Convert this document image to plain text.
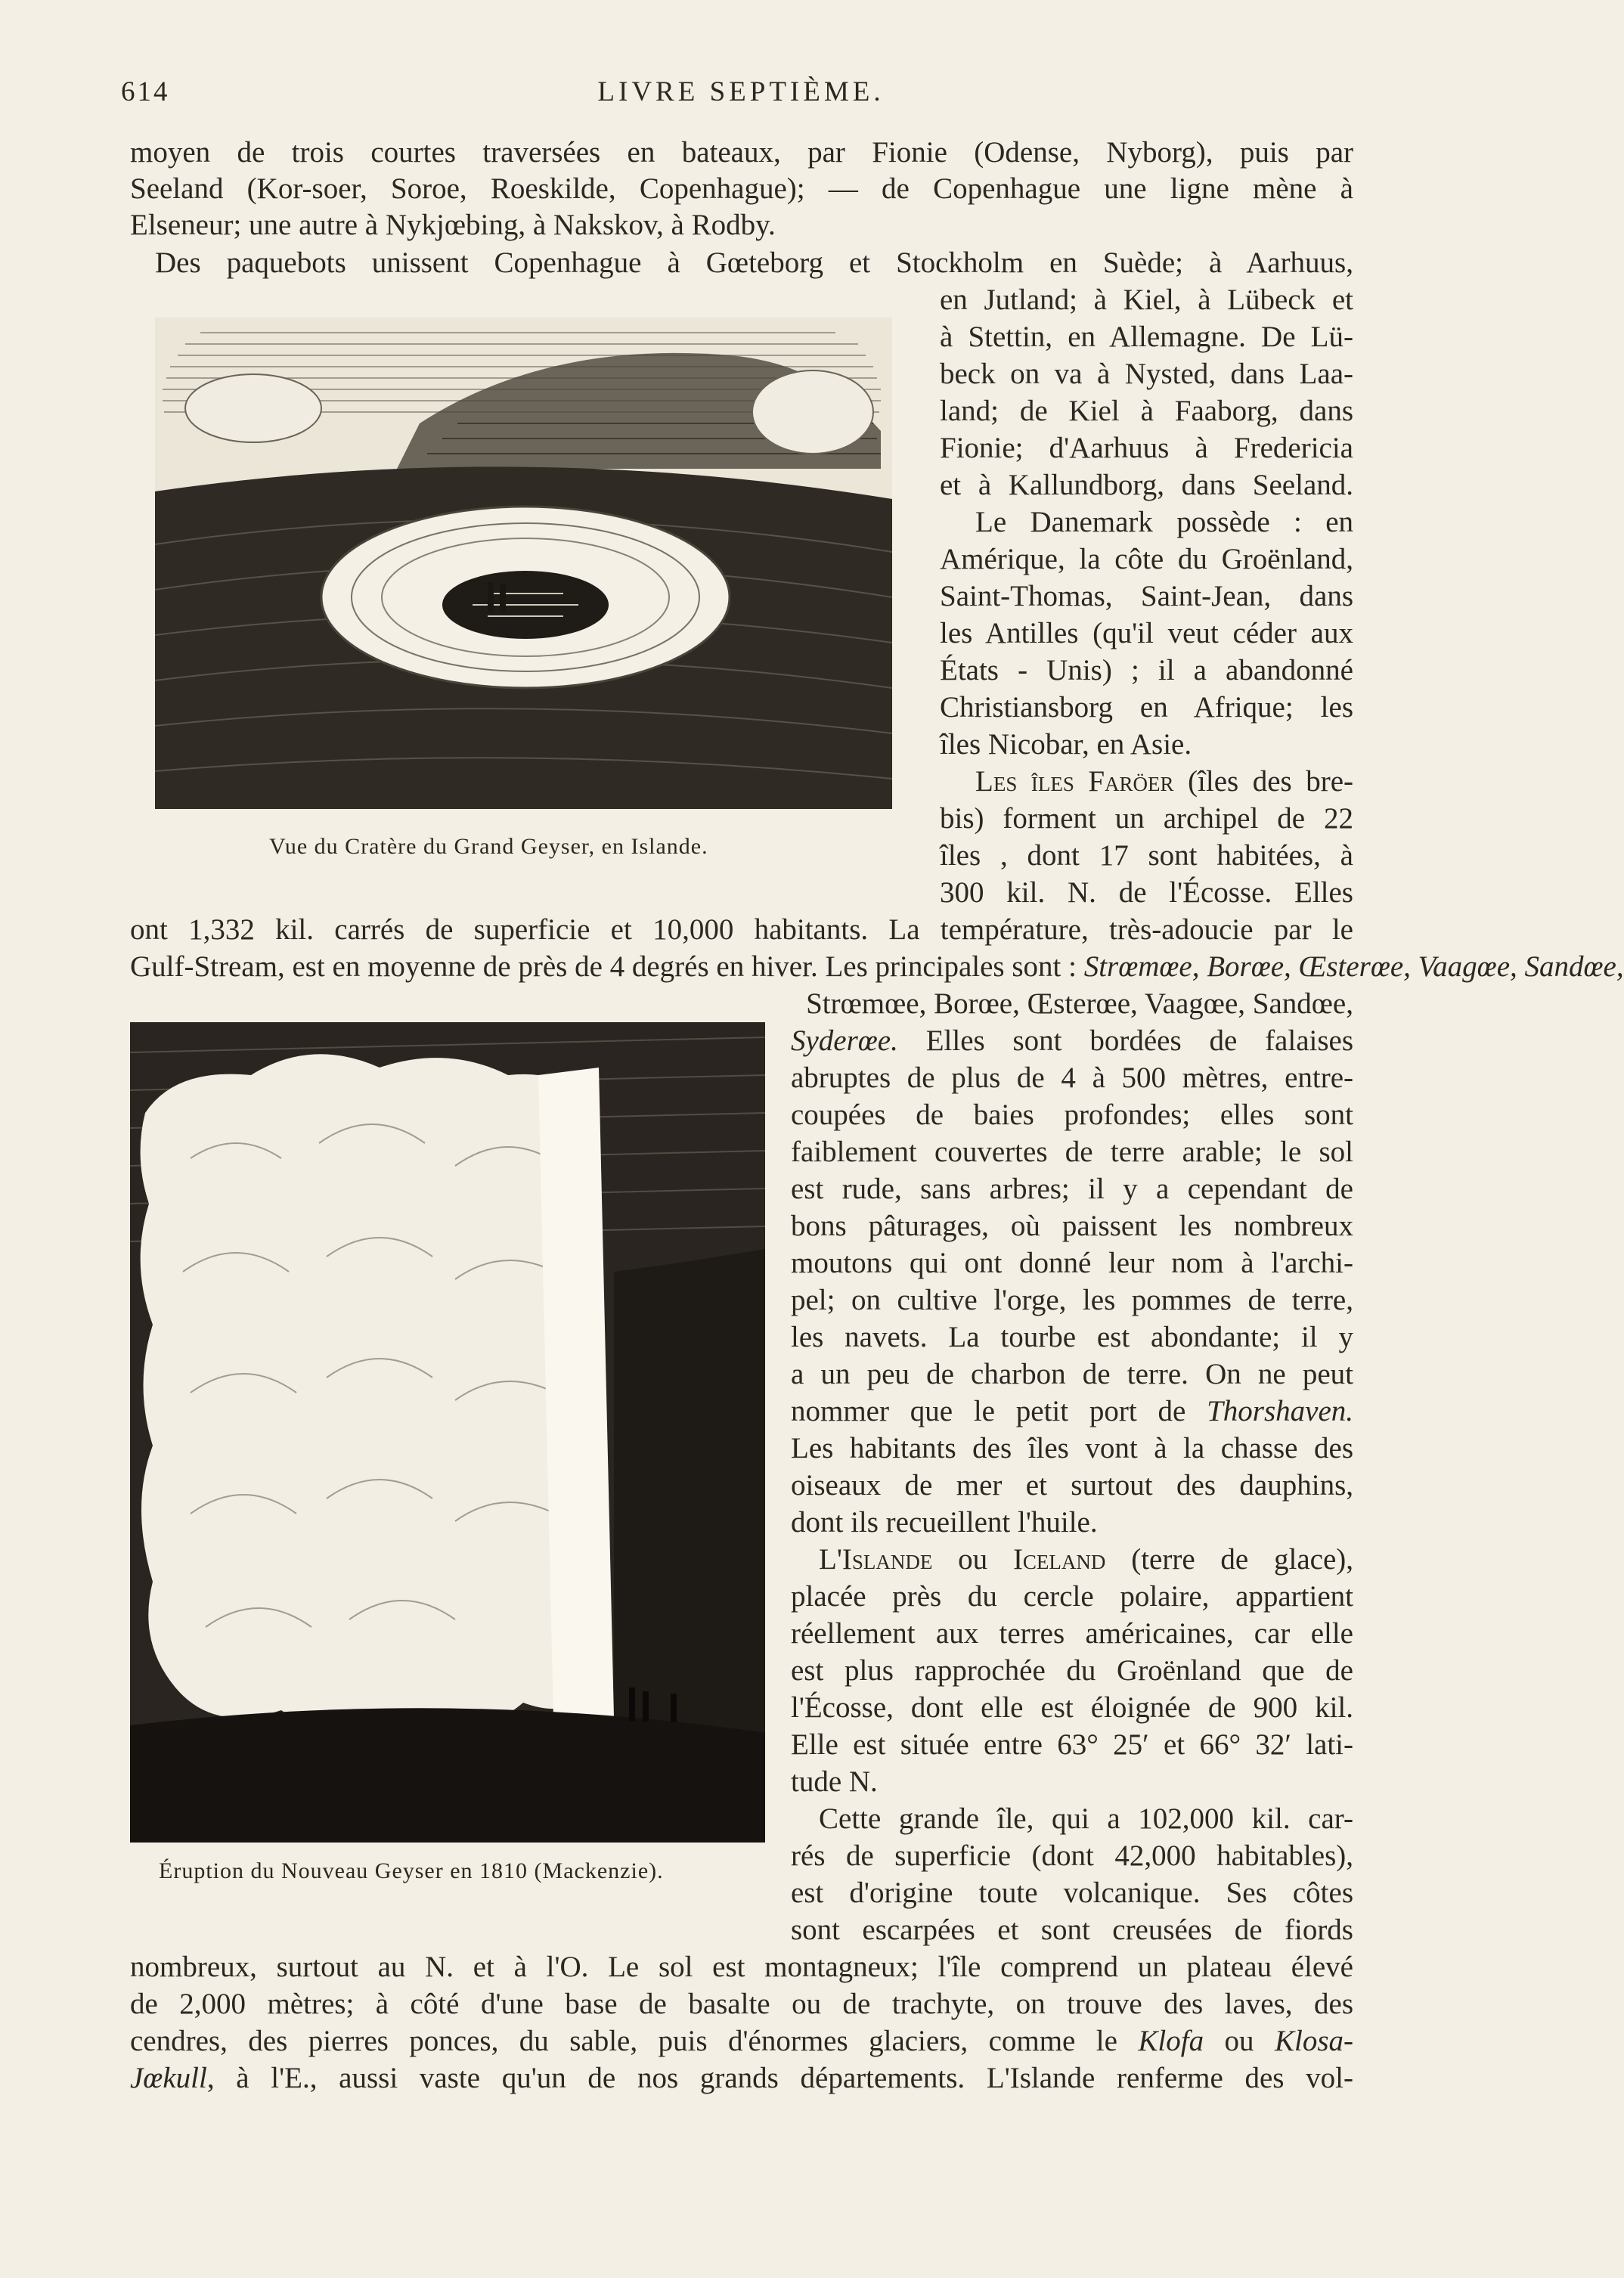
614	LIVRE SEPTIÈME.
moyen de trois courtes traversées en bateaux, par Fionie (Odense, Nyborg), puis par
Seeland (Kor-soer, Soroe, Roeskilde, Copenhague); — de Copenhague une ligne mène à
Elseneur; une autre à Nykjœbing, à Nakskov, à Rodby.
Des paquebots unissent Copenhague à Gœteborg et Stockholm en Suède; à Aarhuus,
en Jutland; à Kiel, à Lübeck et
à Stettin, en Allemagne. De Lü-
beck on va à Nysted, dans Laa-
land; de Kiel à Faaborg, dans
Fionie; d'Aarhuus à Fredericia
et à Kallundborg, dans Seeland.
Le Danemark possède : en
Amérique, la côte du Groënland,
Saint-Thomas, Saint-Jean, dans
les Antilles (qu'il veut céder aux
États - Unis) ; il a abandonné
Christiansborg en Afrique; les
îles Nicobar, en Asie.
Les îles Faröer (îles des bre-
bis) forment un archipel de 22
îles , dont 17 sont habitées, à
300 kil. N. de l'Écosse. Elles
Vue du Cratère du Grand Geyser, en Islande.
ont 1,332 kil. carrés de superficie et 10,000 habitants. La température, très-adoucie par le
Gulf-Stream, est en moyenne de près de 4 degrés en hiver. Les principales sont : Strœmœe, Borœe, Œsterœe, Vaagœe, Sandœe,
Strœmœe, Borœe, Œsterœe, Vaagœe, Sandœe,
Syderœe. Elles sont bordées de falaises
abruptes de plus de 4 à 500 mètres, entre-
coupées de baies profondes; elles sont
faiblement couvertes de terre arable; le sol
est rude, sans arbres; il y a cependant de
bons pâturages, où paissent les nombreux
moutons qui ont donné leur nom à l'archi-
pel; on cultive l'orge, les pommes de terre,
les navets. La tourbe est abondante; il y
a un peu de charbon de terre. On ne peut
nommer que le petit port de Thorshaven.
Les habitants des îles vont à la chasse des
oiseaux de mer et surtout des dauphins,
dont ils recueillent l'huile.
L'Islande ou Iceland (terre de glace),
placée près du cercle polaire, appartient
réellement aux terres américaines, car elle
est plus rapprochée du Groënland que de
l'Écosse, dont elle est éloignée de 900 kil.
Elle est située entre 63° 25′ et 66° 32′ lati-
tude N.
Cette grande île, qui a 102,000 kil. car-
rés de superficie (dont 42,000 habitables),
est d'origine toute volcanique. Ses côtes
sont escarpées et sont creusées de fiords
Éruption du Nouveau Geyser en 1810 (Mackenzie).
nombreux, surtout au N. et à l'O. Le sol est montagneux; l'île comprend un plateau élevé
de 2,000 mètres; à côté d'une base de basalte ou de trachyte, on trouve des laves, des
cendres, des pierres ponces, du sable, puis d'énormes glaciers, comme le Klofa ou Klosa-
Jœkull, à l'E., aussi vaste qu'un de nos grands départements. L'Islande renferme des vol-
